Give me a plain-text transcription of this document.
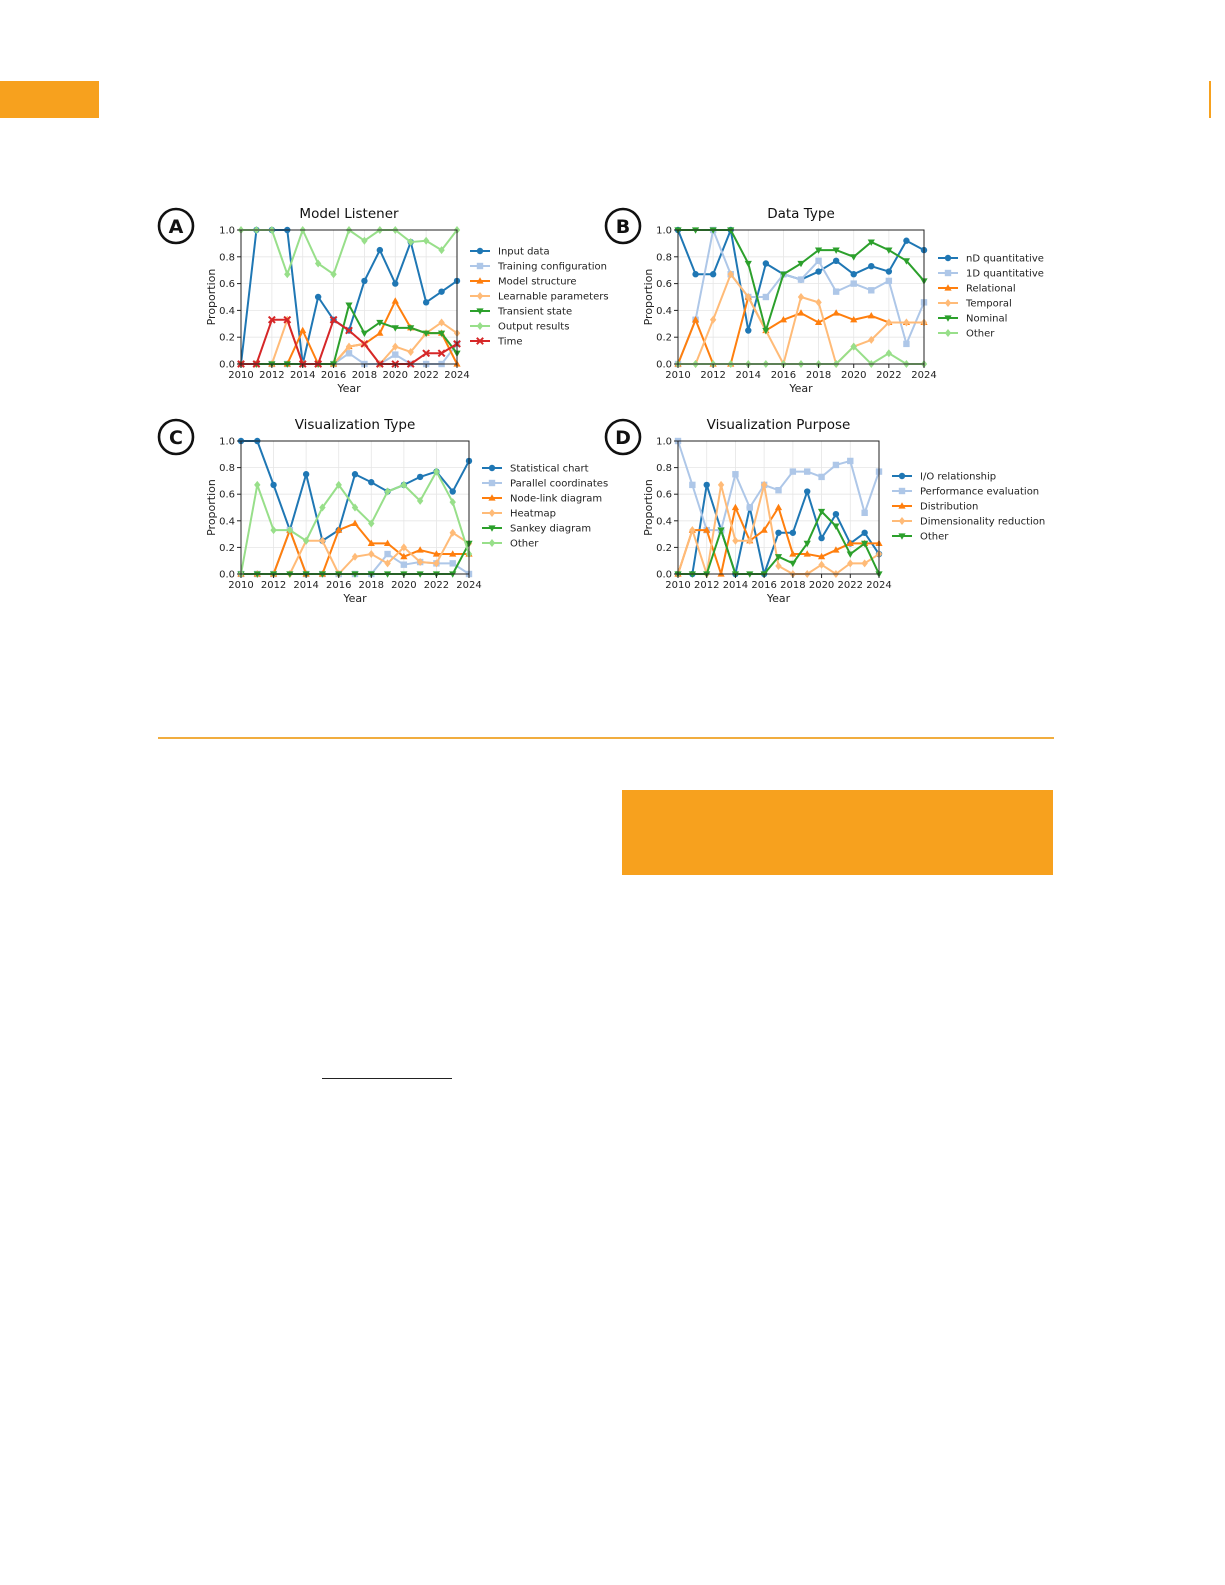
A
Model Listener
0.0
0.2
0.4
0.6
0.8
1.0
2010 2012 2014 2016 2018 2020 2022 2024
Year
Proportion
Input data
Training configuration
Model structure
Learnable parameters
Transient state
Output results
Time
B
Data Type
0.0
0.2
0.4
0.6
0.8
1.0
2010 2012 2014 2016 2018 2020 2022 2024
Year
Proportion
nD quantitative
1D quantitative
Relational
Temporal
Nominal
Other
C
Visualization Type
0.0
0.2
0.4
0.6
0.8
1.0
2010 2012 2014 2016 2018 2020 2022 2024
Year
Proportion
Statistical chart
Parallel coordinates
Node-link diagram
Heatmap
Sankey diagram
Other
D
Visualization Purpose
0.0
0.2
0.4
0.6
0.8
1.0
2010 2012 2014 2016 2018 2020 2022 2024
Year
Proportion
I/O relationship
Performance evaluation
Distribution
Dimensionality reduction
Other
